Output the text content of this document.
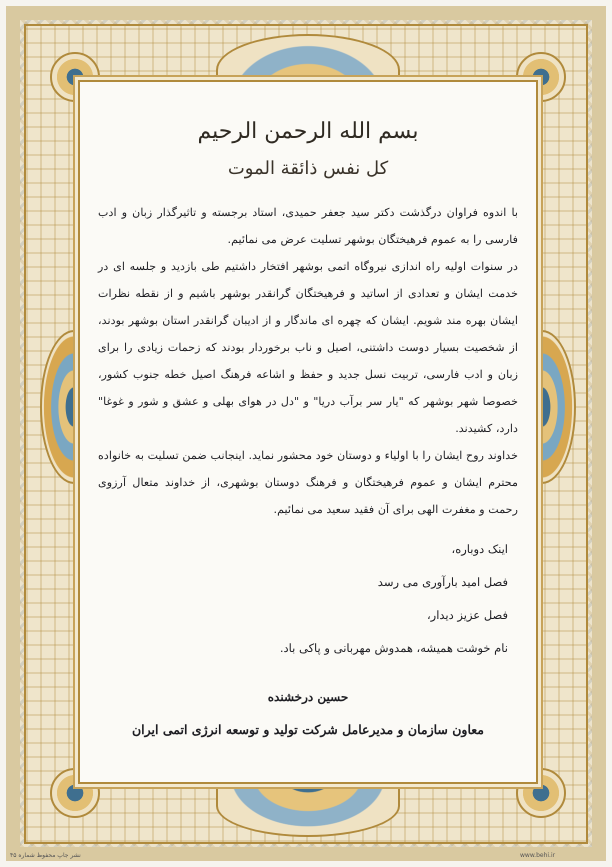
بسم الله الرحمن الرحیم
کل نفس ذائقة الموت

با اندوه فراوان درگذشت دکتر سید جعفر حمیدی، استاد برجسته و تاثیرگذار زبان و ادب فارسی را به عموم فرهیختگان بوشهر تسلیت عرض می نمائیم.

در سنوات اولیه راه اندازی نیروگاه اتمی بوشهر افتخار داشتیم طی بازدید و جلسه ای در خدمت ایشان و تعدادی از اساتید و فرهیختگان گرانقدر بوشهر باشیم و از نقطه نظرات ایشان بهره مند شویم. ایشان که چهره ای ماندگار و از ادیبان گرانقدر استان بوشهر بودند، از شخصیت بسیار دوست داشتنی، اصیل و ناب برخوردار بودند که زحمات زیادی را برای زبان و ادب فارسی، تربیت نسل جدید و حفظ و اشاعه فرهنگ اصیل خطه جنوب کشور، خصوصا شهر بوشهر که "یار سر برآب دریا" و "دل در هوای بهلی و عشق و شور و غوغا" دارد، کشیدند.

خداوند روح ایشان را با اولیاء و دوستان خود محشور نماید. اینجانب ضمن تسلیت به خانواده محترم ایشان و عموم فرهیختگان و فرهنگ دوستان بوشهری، از خداوند متعال آرزوی رحمت و مغفرت الهی برای آن فقید سعید می نمائیم.

اینک دوباره،
فصل امید بارآوری می رسد
فصل عزیز دیدار،
نام خوشت همیشه، همدوش مهربانی و پاکی باد.
حسین درخشنده
معاون سازمان و مدیرعامل شرکت تولید و توسعه انرژی اتمی ایران
نشر جاپ محفوظ شماره ۴۵	www.behi.ir
